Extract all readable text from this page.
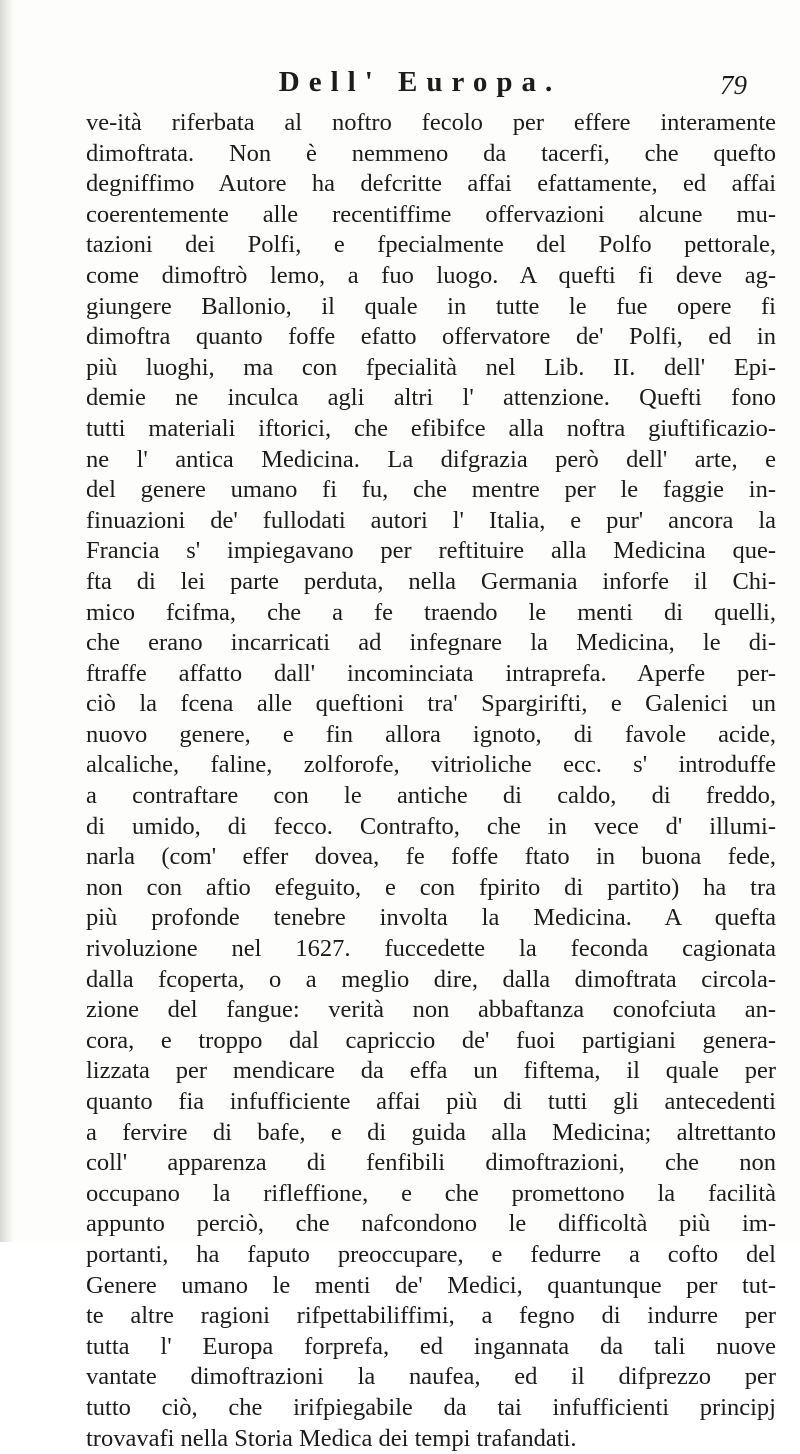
Dell' Europa.	79
ve-ità riferbata al noftro fecolo per effere interamente
dimoftrata. Non è nemmeno da tacerfi, che quefto
degniffimo Autore ha defcritte affai efattamente, ed affai
coerentemente alle recentiffime offervazioni alcune mu-
tazioni dei Polfi, e fpecialmente del Polfo pettorale,
come dimoftrò lemo, a fuo luogo. A quefti fi deve ag-
giungere Ballonio, il quale in tutte le fue opere fi
dimoftra quanto foffe efatto offervatore de' Polfi, ed in
più luoghi, ma con fpecialità nel Lib. II. dell' Epi-
demie ne inculca agli altri l' attenzione. Quefti fono
tutti materiali iftorici, che efibifce alla noftra giuftificazio-
ne l' antica Medicina. La difgrazia però dell' arte, e
del genere umano fi fu, che mentre per le faggie in-
finuazioni de' fullodati autori l' Italia, e pur' ancora la
Francia s' impiegavano per reftituire alla Medicina que-
fta di lei parte perduta, nella Germania inforfe il Chi-
mico fcifma, che a fe traendo le menti di quelli,
che erano incarricati ad infegnare la Medicina, le di-
ftraffe affatto dall' incominciata intraprefa. Aperfe per-
ciò la fcena alle queftioni tra' Spargirifti, e Galenici un
nuovo genere, e fin allora ignoto, di favole acide,
alcaliche, faline, zolforofe, vitrioliche ecc. s' introduffe
a contraftare con le antiche di caldo, di freddo,
di umido, di fecco. Contrafto, che in vece d' illumi-
narla (com' effer dovea, fe foffe ftato in buona fede,
non con aftio efeguito, e con fpirito di partito) ha tra
più profonde tenebre involta la Medicina. A quefta
rivoluzione nel 1627. fuccedette la feconda cagionata
dalla fcoperta, o a meglio dire, dalla dimoftrata circola-
zione del fangue: verità non abbaftanza conofciuta an-
cora, e troppo dal capriccio de' fuoi partigiani genera-
lizzata per mendicare da effa un fiftema, il quale per
quanto fia infufficiente affai più di tutti gli antecedenti
a fervire di bafe, e di guida alla Medicina; altrettanto
coll' apparenza di fenfibili dimoftrazioni, che non
occupano la rifleffione, e che promettono la facilità
appunto perciò, che nafcondono le difficoltà più im-
portanti, ha faputo preoccupare, e fedurre a cofto del
Genere umano le menti de' Medici, quantunque per tut-
te altre ragioni rifpettabiliffimi, a fegno di indurre per
tutta l' Europa forprefa, ed ingannata da tali nuove
vantate dimoftrazioni la naufea, ed il difprezzo per
tutto ciò, che irifpiegabile da tai infufficienti principj
trovavafi nella Storia Medica dei tempi trafandati.
